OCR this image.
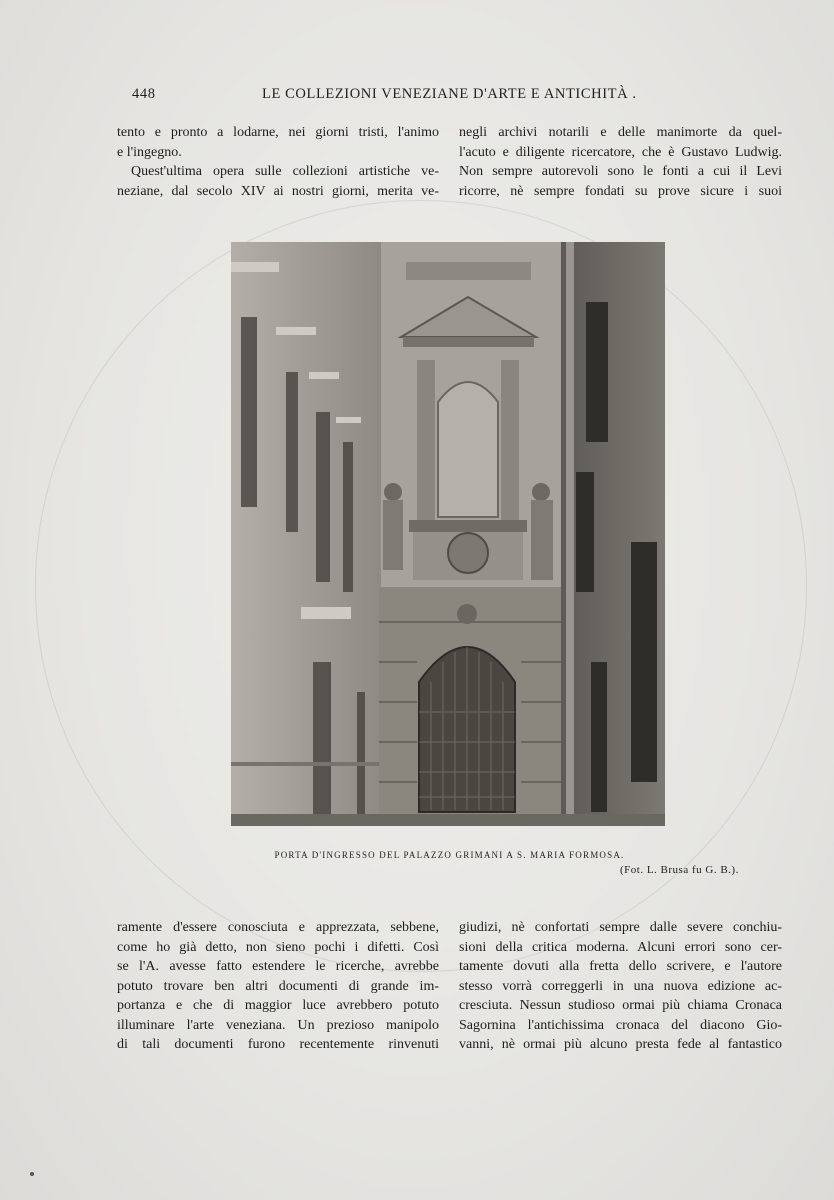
448	LE COLLEZIONI VENEZIANE D'ARTE E ANTICHITÀ .
tento e pronto a lodarne, nei giorni tristi, l'animo
e l'ingegno.
Quest'ultima opera sulle collezioni artistiche ve-
neziane, dal secolo XIV ai nostri giorni, merita ve-
negli archivi notarili e delle manimorte da quel-
l'acuto e diligente ricercatore, che è Gustavo Ludwig.
Non sempre autorevoli sono le fonti a cui il Levi
ricorre, nè sempre fondati su prove sicure i suoi
PORTA D'INGRESSO DEL PALAZZO GRIMANI A S. MARIA FORMOSA.
(Fot. L. Brusa fu G. B.).
ramente d'essere conosciuta e apprezzata, sebbene,
come ho già detto, non sieno pochi i difetti. Così
se l'A. avesse fatto estendere le ricerche, avrebbe
potuto trovare ben altri documenti di grande im-
portanza e che di maggior luce avrebbero potuto
illuminare l'arte veneziana. Un prezioso manipolo
di tali documenti furono recentemente rinvenuti
giudizi, nè confortati sempre dalle severe conchiu-
sioni della critica moderna. Alcuni errori sono cer-
tamente dovuti alla fretta dello scrivere, e l'autore
stesso vorrà correggerli in una nuova edizione ac-
cresciuta. Nessun studioso ormai più chiama Cronaca
Sagornina l'antichissima cronaca del diacono Gio-
vanni, nè ormai più alcuno presta fede al fantastico
